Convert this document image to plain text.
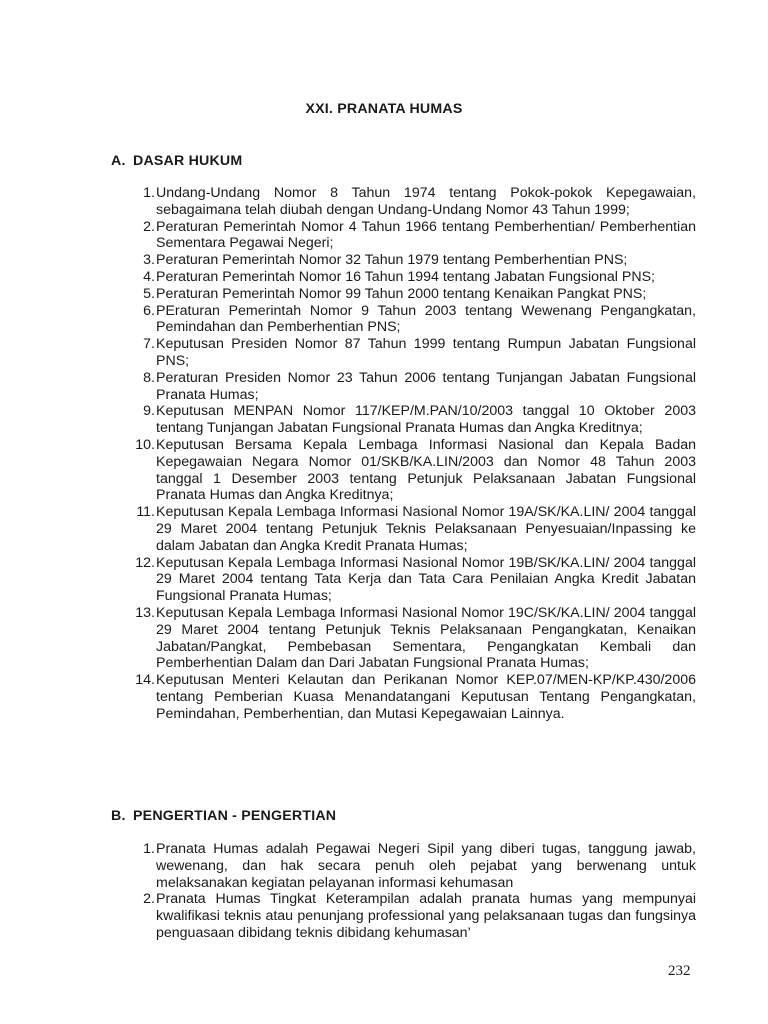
XXI. PRANATA HUMAS
A. DASAR HUKUM
1. Undang-Undang Nomor 8 Tahun 1974 tentang Pokok-pokok Kepegawaian, sebagaimana telah diubah dengan Undang-Undang Nomor 43 Tahun 1999;
2. Peraturan Pemerintah Nomor 4 Tahun 1966 tentang Pemberhentian/ Pemberhentian Sementara Pegawai Negeri;
3. Peraturan Pemerintah Nomor 32 Tahun 1979 tentang Pemberhentian PNS;
4. Peraturan Pemerintah Nomor 16 Tahun 1994 tentang Jabatan Fungsional PNS;
5. Peraturan Pemerintah Nomor 99 Tahun 2000 tentang Kenaikan Pangkat PNS;
6. PEraturan Pemerintah Nomor 9 Tahun 2003 tentang Wewenang Pengangkatan, Pemindahan dan Pemberhentian PNS;
7. Keputusan Presiden Nomor 87 Tahun 1999 tentang Rumpun Jabatan Fungsional PNS;
8. Peraturan Presiden Nomor 23 Tahun 2006 tentang Tunjangan Jabatan Fungsional Pranata Humas;
9. Keputusan MENPAN Nomor 117/KEP/M.PAN/10/2003 tanggal 10 Oktober 2003 tentang Tunjangan Jabatan Fungsional Pranata Humas dan Angka Kreditnya;
10. Keputusan Bersama Kepala Lembaga Informasi Nasional dan Kepala Badan Kepegawaian Negara Nomor 01/SKB/KA.LIN/2003 dan Nomor 48 Tahun 2003 tanggal 1 Desember 2003 tentang Petunjuk Pelaksanaan Jabatan Fungsional Pranata Humas dan Angka Kreditnya;
11. Keputusan Kepala Lembaga Informasi Nasional Nomor 19A/SK/KA.LIN/ 2004 tanggal 29 Maret 2004 tentang Petunjuk Teknis Pelaksanaan Penyesuaian/Inpassing ke dalam Jabatan dan Angka Kredit Pranata Humas;
12. Keputusan Kepala Lembaga Informasi Nasional Nomor 19B/SK/KA.LIN/ 2004 tanggal 29 Maret 2004 tentang Tata Kerja dan Tata Cara Penilaian Angka Kredit Jabatan Fungsional Pranata Humas;
13. Keputusan Kepala Lembaga Informasi Nasional Nomor 19C/SK/KA.LIN/ 2004 tanggal 29 Maret 2004 tentang Petunjuk Teknis Pelaksanaan Pengangkatan, Kenaikan Jabatan/Pangkat, Pembebasan Sementara, Pengangkatan Kembali dan Pemberhentian Dalam dan Dari Jabatan Fungsional Pranata Humas;
14. Keputusan Menteri Kelautan dan Perikanan Nomor KEP.07/MEN-KP/KP.430/2006 tentang Pemberian Kuasa Menandatangani Keputusan Tentang Pengangkatan, Pemindahan, Pemberhentian, dan Mutasi Kepegawaian Lainnya.
B. PENGERTIAN - PENGERTIAN
1. Pranata Humas adalah Pegawai Negeri Sipil yang diberi tugas, tanggung jawab, wewenang, dan hak secara penuh oleh pejabat yang berwenang untuk melaksanakan kegiatan pelayanan informasi kehumasan
2. Pranata Humas Tingkat Keterampilan adalah pranata humas yang mempunyai kwalifikasi teknis atau penunjang professional yang pelaksanaan tugas dan fungsinya penguasaan dibidang teknis dibidang kehumasan’
232
